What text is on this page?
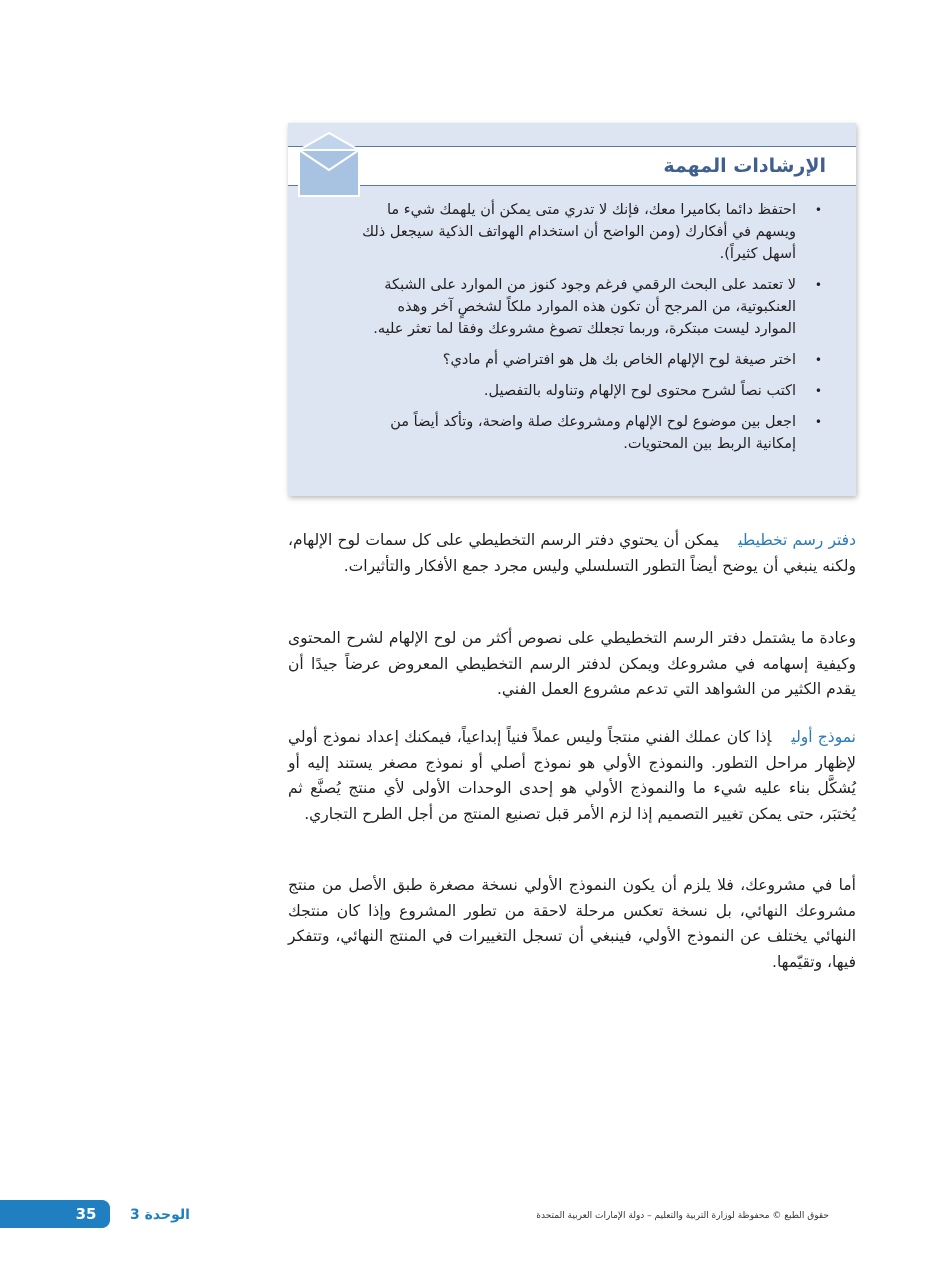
الإرشادات المهمة
•
احتفظ دائما بكاميرا معك، فإنك لا تدري متى يمكن أن يلهمك شيء ما ويسهم في أفكارك (ومن الواضح أن استخدام الهواتف الذكية سيجعل ذلك أسهل كثيراً).
•
لا تعتمد على البحث الرقمي فرغم وجود كنوز من الموارد على الشبكة العنكبوتية، من المرجح أن تكون هذه الموارد ملكاً لشخصٍ آخر وهذه الموارد ليست مبتكرة، وربما تجعلك تصوغ مشروعك وفقا لما تعثر عليه.
•
اختر صيغة لوح الإلهام الخاص بك هل هو افتراضي أم مادي؟
•
اكتب نصاً لشرح محتوى لوح الإلهام وتناوله بالتفصيل.
•
اجعل بين موضوع لوح الإلهام ومشروعك صلة واضحة، وتأكد أيضاً من إمكانية الربط بين المحتويات.

دفتر رسم تخطيطييمكن أن يحتوي دفتر الرسم التخطيطي على كل سمات لوح الإلهام، ولكنه ينبغي أن يوضح أيضاً التطور التسلسلي وليس مجرد جمع الأفكار والتأثيرات.

وعادة ما يشتمل دفتر الرسم التخطيطي على نصوص أكثر من لوح الإلهام لشرح المحتوى وكيفية إسهامه في مشروعك ويمكن لدفتر الرسم التخطيطي المعروض عرضاً جيدًا أن يقدم الكثير من الشواهد التي تدعم مشروع العمل الفني.

نموذج أوليإذا كان عملك الفني منتجاً وليس عملاً فنياً إبداعياً، فيمكنك إعداد نموذج أولي لإظهار مراحل التطور. والنموذج الأولي هو نموذج أصلي أو نموذج مصغر يستند إليه أو يُشكَّل بناء عليه شيء ما والنموذج الأولي هو إحدى الوحدات الأولى لأي منتج يُصنَّع ثم يُختبَر، حتى يمكن تغيير التصميم إذا لزم الأمر قبل تصنيع المنتج من أجل الطرح التجاري.

أما في مشروعك، فلا يلزم أن يكون النموذج الأولي نسخة مصغرة طبق الأصل من منتج مشروعك النهائي، بل نسخة تعكس مرحلة لاحقة من تطور المشروع وإذا كان منتجك النهائي يختلف عن النموذج الأولي، فينبغي أن تسجل التغييرات في المنتج النهائي، وتتفكر فيها، وتقيّمها.

35	الوحدة 3	حقوق الطبع © محفوظة لوزارة التربية والتعليم – دولة الإمارات العربية المتحدة
